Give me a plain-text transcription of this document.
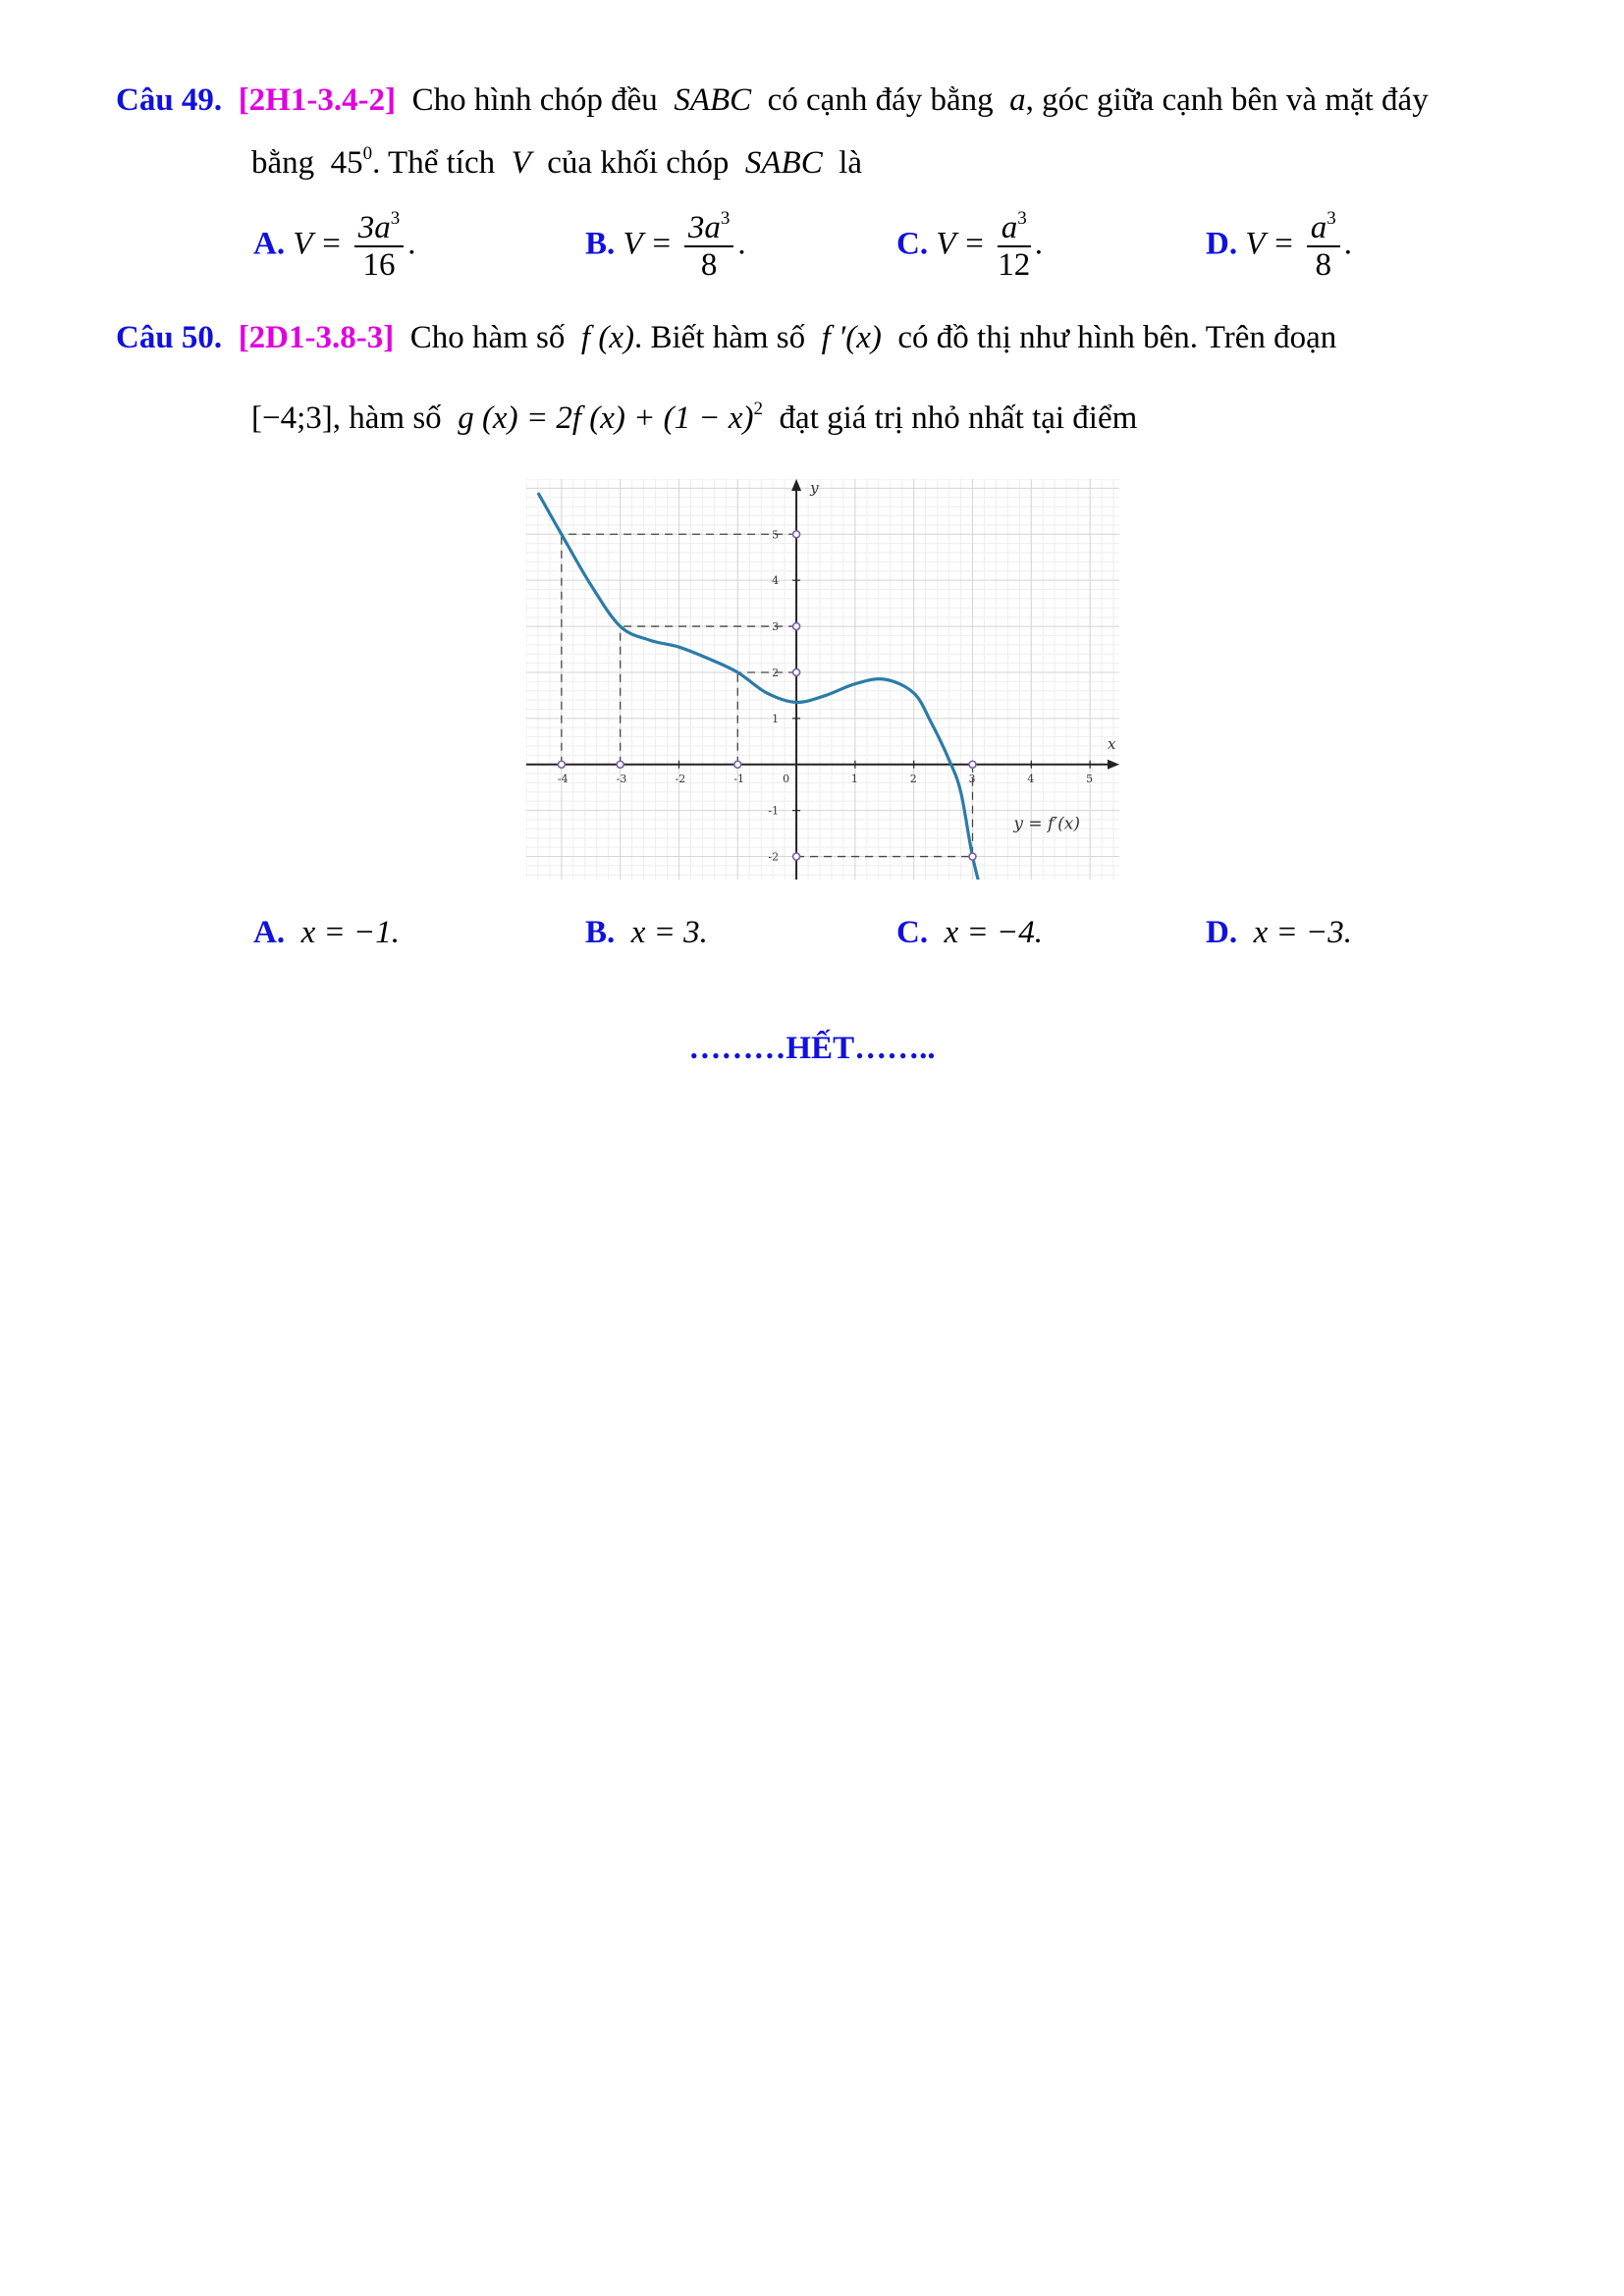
Câu 49. [2H1-3.4-2] Cho hình chóp đều SABC có cạnh đáy bằng a, góc giữa cạnh bên và mặt đáy
bằng $45^0$. Thể tích V của khối chóp SABC là
A. $V = \frac{3a^3}{16}$ .	B. $V = \frac{3a^3}{8}$ .	C. $V = \frac{a^3}{12}$ .	D. $V = \frac{a^3}{8}$ .
Câu 50. [2D1-3.8-3] Cho hàm số f (x). Biết hàm số f ′(x) có đồ thị như hình bên. Trên đoạn
[−4;3], hàm số g (x) = 2f $(x) + (1 - x)^2$ đạt giá trị nhỏ nhất tại điểm
-4	-3	-2	-1	0	1	2	3	4	5
5
4
3
2
1
-1
-2
x
y
y = f′(x)
A. x = −1.	B. x = 3.	C. x = −4.	D. x = −3.
………HẾT……..
